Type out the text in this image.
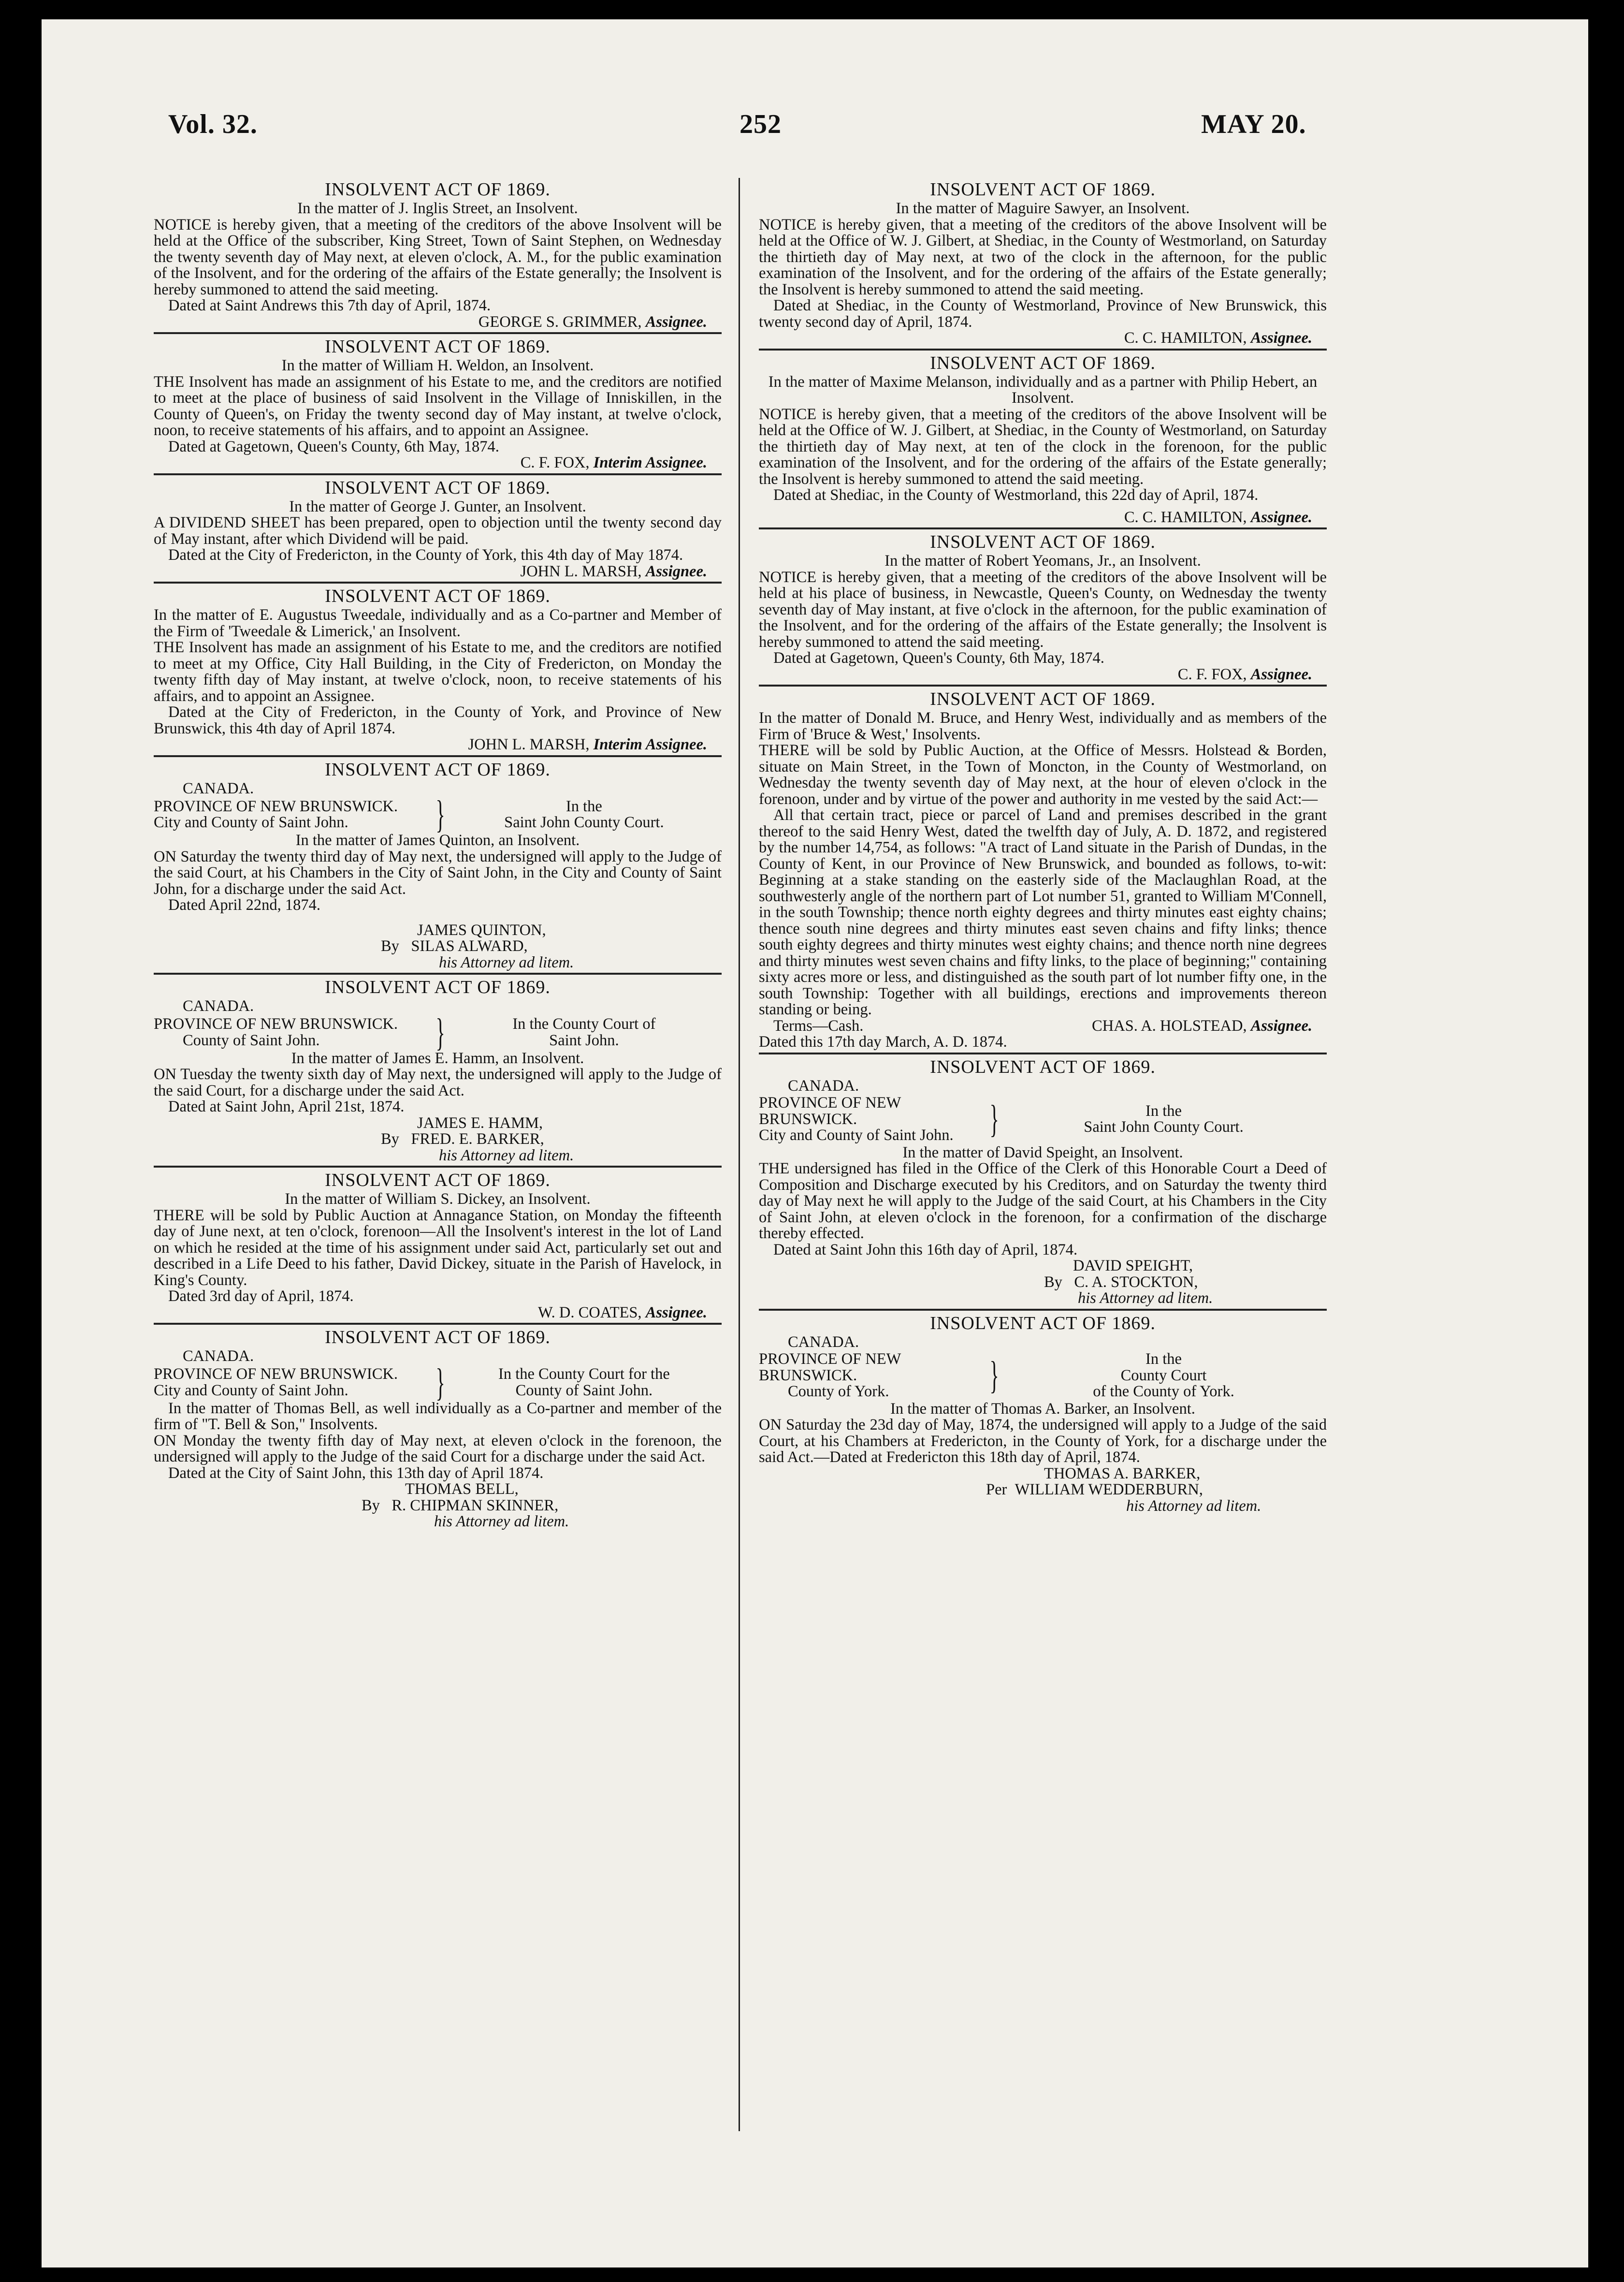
Vol. 32.	252	MAY 20.
INSOLVENT ACT OF 1869.
In the matter of J. Inglis Street, an Insolvent.

NOTICE is hereby given, that a meeting of the creditors of the above Insolvent will be held at the Office of the subscriber, King Street, Town of Saint Stephen, on Wednesday the twenty seventh day of May next, at eleven o'clock, A. M., for the public examination of the Insolvent, and for the ordering of the affairs of the Estate generally; the Insolvent is hereby summoned to attend the said meeting.

Dated at Saint Andrews this 7th day of April, 1874.

GEORGE S. GRIMMER, Assignee.
INSOLVENT ACT OF 1869.
In the matter of William H. Weldon, an Insolvent.

THE Insolvent has made an assignment of his Estate to me, and the creditors are notified to meet at the place of business of said Insolvent in the Village of Inniskillen, in the County of Queen's, on Friday the twenty second day of May instant, at twelve o'clock, noon, to receive statements of his affairs, and to appoint an Assignee.

Dated at Gagetown, Queen's County, 6th May, 1874.

C. F. FOX, Interim Assignee.
INSOLVENT ACT OF 1869.
In the matter of George J. Gunter, an Insolvent.

A DIVIDEND SHEET has been prepared, open to objection until the twenty second day of May instant, after which Dividend will be paid.

Dated at the City of Fredericton, in the County of York, this 4th day of May 1874.

JOHN L. MARSH, Assignee.
INSOLVENT ACT OF 1869.

In the matter of E. Augustus Tweedale, individually and as a Co-partner and Member of the Firm of 'Tweedale & Limerick,' an Insolvent.

THE Insolvent has made an assignment of his Estate to me, and the creditors are notified to meet at my Office, City Hall Building, in the City of Fredericton, on Monday the twenty fifth day of May instant, at twelve o'clock, noon, to receive statements of his affairs, and to appoint an Assignee.

Dated at the City of Fredericton, in the County of York, and Province of New Brunswick, this 4th day of April 1874.

JOHN L. MARSH, Interim Assignee.
INSOLVENT ACT OF 1869.
CANADA.
PROVINCE OF NEW BRUNSWICK.
City and County of Saint John.	}	In the
Saint John County Court.
In the matter of James Quinton, an Insolvent.

ON Saturday the twenty third day of May next, the undersigned will apply to the Judge of the said Court, at his Chambers in the City of Saint John, in the City and County of Saint John, for a discharge under the said Act.

Dated April 22nd, 1874.

JAMES QUINTON,
By SILAS ALWARD,
his Attorney ad litem.
INSOLVENT ACT OF 1869.
CANADA.
PROVINCE OF NEW BRUNSWICK.
County of Saint John.	}	In the County Court of
Saint John.
In the matter of James E. Hamm, an Insolvent.

ON Tuesday the twenty sixth day of May next, the undersigned will apply to the Judge of the said Court, for a discharge under the said Act.

Dated at Saint John, April 21st, 1874.

JAMES E. HAMM,
By FRED. E. BARKER,
his Attorney ad litem.
INSOLVENT ACT OF 1869.
In the matter of William S. Dickey, an Insolvent.

THERE will be sold by Public Auction at Annagance Station, on Monday the fifteenth day of June next, at ten o'clock, forenoon—All the Insolvent's interest in the lot of Land on which he resided at the time of his assignment under said Act, particularly set out and described in a Life Deed to his father, David Dickey, situate in the Parish of Havelock, in King's County.

Dated 3rd day of April, 1874.

W. D. COATES, Assignee.
INSOLVENT ACT OF 1869.
CANADA.
PROVINCE OF NEW BRUNSWICK.
City and County of Saint John.	}	In the County Court for the
County of Saint John.

In the matter of Thomas Bell, as well individually as a Co-partner and member of the firm of "T. Bell & Son," Insolvents.

ON Monday the twenty fifth day of May next, at eleven o'clock in the forenoon, the undersigned will apply to the Judge of the said Court for a discharge under the said Act.

Dated at the City of Saint John, this 13th day of April 1874.

THOMAS BELL,
By R. CHIPMAN SKINNER,
his Attorney ad litem.
INSOLVENT ACT OF 1869.
In the matter of Maguire Sawyer, an Insolvent.

NOTICE is hereby given, that a meeting of the creditors of the above Insolvent will be held at the Office of W. J. Gilbert, at Shediac, in the County of Westmorland, on Saturday the thirtieth day of May next, at two of the clock in the afternoon, for the public examination of the Insolvent, and for the ordering of the affairs of the Estate generally; the Insolvent is hereby summoned to attend the said meeting.

Dated at Shediac, in the County of Westmorland, Province of New Brunswick, this twenty second day of April, 1874.

C. C. HAMILTON, Assignee.
INSOLVENT ACT OF 1869.
In the matter of Maxime Melanson, individually and as a partner with Philip Hebert, an Insolvent.

NOTICE is hereby given, that a meeting of the creditors of the above Insolvent will be held at the Office of W. J. Gilbert, at Shediac, in the County of Westmorland, on Saturday the thirtieth day of May next, at ten of the clock in the forenoon, for the public examination of the Insolvent, and for the ordering of the affairs of the Estate generally; the Insolvent is hereby summoned to attend the said meeting.

Dated at Shediac, in the County of Westmorland, this 22d day of April, 1874.

C. C. HAMILTON, Assignee.
INSOLVENT ACT OF 1869.
In the matter of Robert Yeomans, Jr., an Insolvent.

NOTICE is hereby given, that a meeting of the creditors of the above Insolvent will be held at his place of business, in Newcastle, Queen's County, on Wednesday the twenty seventh day of May instant, at five o'clock in the afternoon, for the public examination of the Insolvent, and for the ordering of the affairs of the Estate generally; the Insolvent is hereby summoned to attend the said meeting.

Dated at Gagetown, Queen's County, 6th May, 1874.

C. F. FOX, Assignee.
INSOLVENT ACT OF 1869.

In the matter of Donald M. Bruce, and Henry West, individually and as members of the Firm of 'Bruce & West,' Insolvents.

THERE will be sold by Public Auction, at the Office of Messrs. Holstead & Borden, situate on Main Street, in the Town of Moncton, in the County of Westmorland, on Wednesday the twenty seventh day of May next, at the hour of eleven o'clock in the forenoon, under and by virtue of the power and authority in me vested by the said Act:—

All that certain tract, piece or parcel of Land and premises described in the grant thereof to the said Henry West, dated the twelfth day of July, A. D. 1872, and registered by the number 14,754, as follows: "A tract of Land situate in the Parish of Dundas, in the County of Kent, in our Province of New Brunswick, and bounded as follows, to-wit: Beginning at a stake standing on the easterly side of the Maclaughlan Road, at the southwesterly angle of the northern part of Lot number 51, granted to William M'Connell, in the south Township; thence north eighty degrees and thirty minutes east eighty chains; thence south nine degrees and thirty minutes east seven chains and fifty links; thence south eighty degrees and thirty minutes west eighty chains; and thence north nine degrees and thirty minutes west seven chains and fifty links, to the place of beginning;" containing sixty acres more or less, and distinguished as the south part of lot number fifty one, in the south Township: Together with all buildings, erections and improvements thereon standing or being.

Terms—Cash.	CHAS. A. HOLSTEAD, Assignee.

Dated this 17th day March, A. D. 1874.

INSOLVENT ACT OF 1869.
CANADA.
PROVINCE OF NEW BRUNSWICK.
City and County of Saint John. }	In the
Saint John County Court.
In the matter of David Speight, an Insolvent.

THE undersigned has filed in the Office of the Clerk of this Honorable Court a Deed of Composition and Discharge executed by his Creditors, and on Saturday the twenty third day of May next he will apply to the Judge of the said Court, at his Chambers in the City of Saint John, at eleven o'clock in the forenoon, for a confirmation of the discharge thereby effected.

Dated at Saint John this 16th day of April, 1874.

DAVID SPEIGHT,
By C. A. STOCKTON,
his Attorney ad litem.
INSOLVENT ACT OF 1869.
CANADA.
PROVINCE OF NEW BRUNSWICK.
County of York.	}	In the
County Court
of the County of York.
In the matter of Thomas A. Barker, an Insolvent.

ON Saturday the 23d day of May, 1874, the undersigned will apply to a Judge of the said Court, at his Chambers at Fredericton, in the County of York, for a discharge under the said Act.—Dated at Fredericton this 18th day of April, 1874.

THOMAS A. BARKER,
Per WILLIAM WEDDERBURN,
his Attorney ad litem.
